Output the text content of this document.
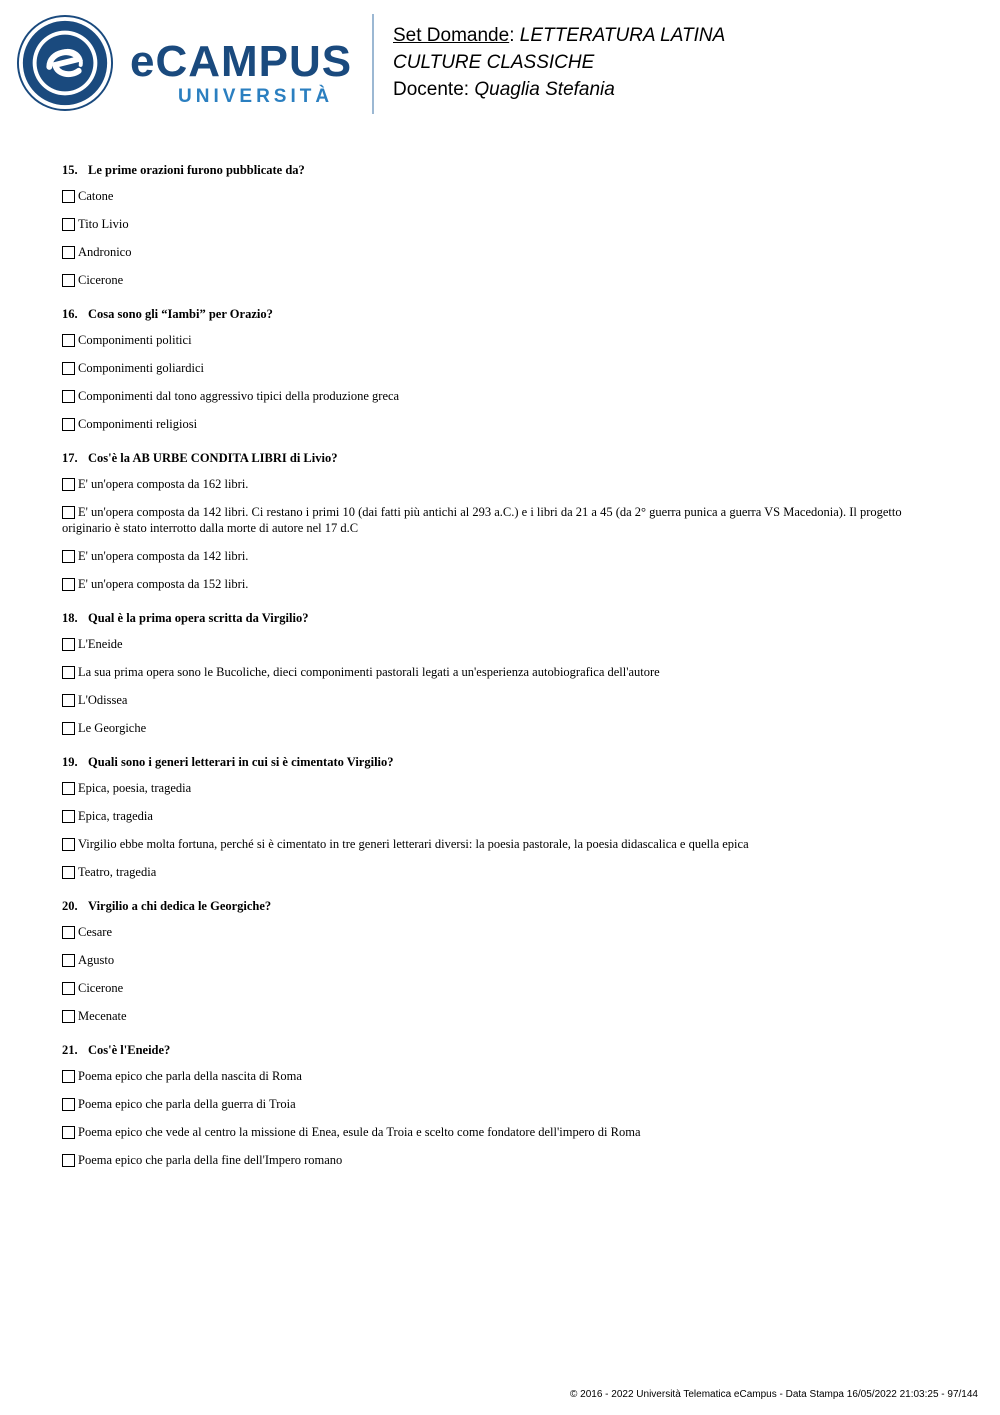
eCAMPUS
UNIVERSITÀ
Set Domande: LETTERATURA LATINA
CULTURE CLASSICHE
Docente: Quaglia Stefania
15. Le prime orazioni furono pubblicate da?
Catone
Tito Livio
Andronico
Cicerone
16. Cosa sono gli “Iambi” per Orazio?
Componimenti politici
Componimenti goliardici
Componimenti dal tono aggressivo tipici della produzione greca
Componimenti religiosi
17. Cos'è la AB URBE CONDITA LIBRI di Livio?
E' un'opera composta da 162 libri.
E' un'opera composta da 142 libri. Ci restano i primi 10 (dai fatti più antichi al 293 a.C.) e i libri da 21 a 45 (da 2° guerra punica a guerra VS Macedonia). Il progetto originario è stato interrotto dalla morte di autore nel 17 d.C
E' un'opera composta da 142 libri.
E' un'opera composta da 152 libri.
18. Qual è la prima opera scritta da Virgilio?
L'Eneide
La sua prima opera sono le Bucoliche, dieci componimenti pastorali legati a un'esperienza autobiografica dell'autore
L'Odissea
Le Georgiche
19. Quali sono i generi letterari in cui si è cimentato Virgilio?
Epica, poesia, tragedia
Epica, tragedia
Virgilio ebbe molta fortuna, perché si è cimentato in tre generi letterari diversi: la poesia pastorale, la poesia didascalica e quella epica
Teatro, tragedia
20. Virgilio a chi dedica le Georgiche?
Cesare
Agusto
Cicerone
Mecenate
21. Cos'è l'Eneide?
Poema epico che parla della nascita di Roma
Poema epico che parla della guerra di Troia
Poema epico che vede al centro la missione di Enea, esule da Troia e scelto come fondatore dell'impero di Roma
Poema epico che parla della fine dell'Impero romano
© 2016 - 2022 Università Telematica eCampus - Data Stampa 16/05/2022 21:03:25 - 97/144
